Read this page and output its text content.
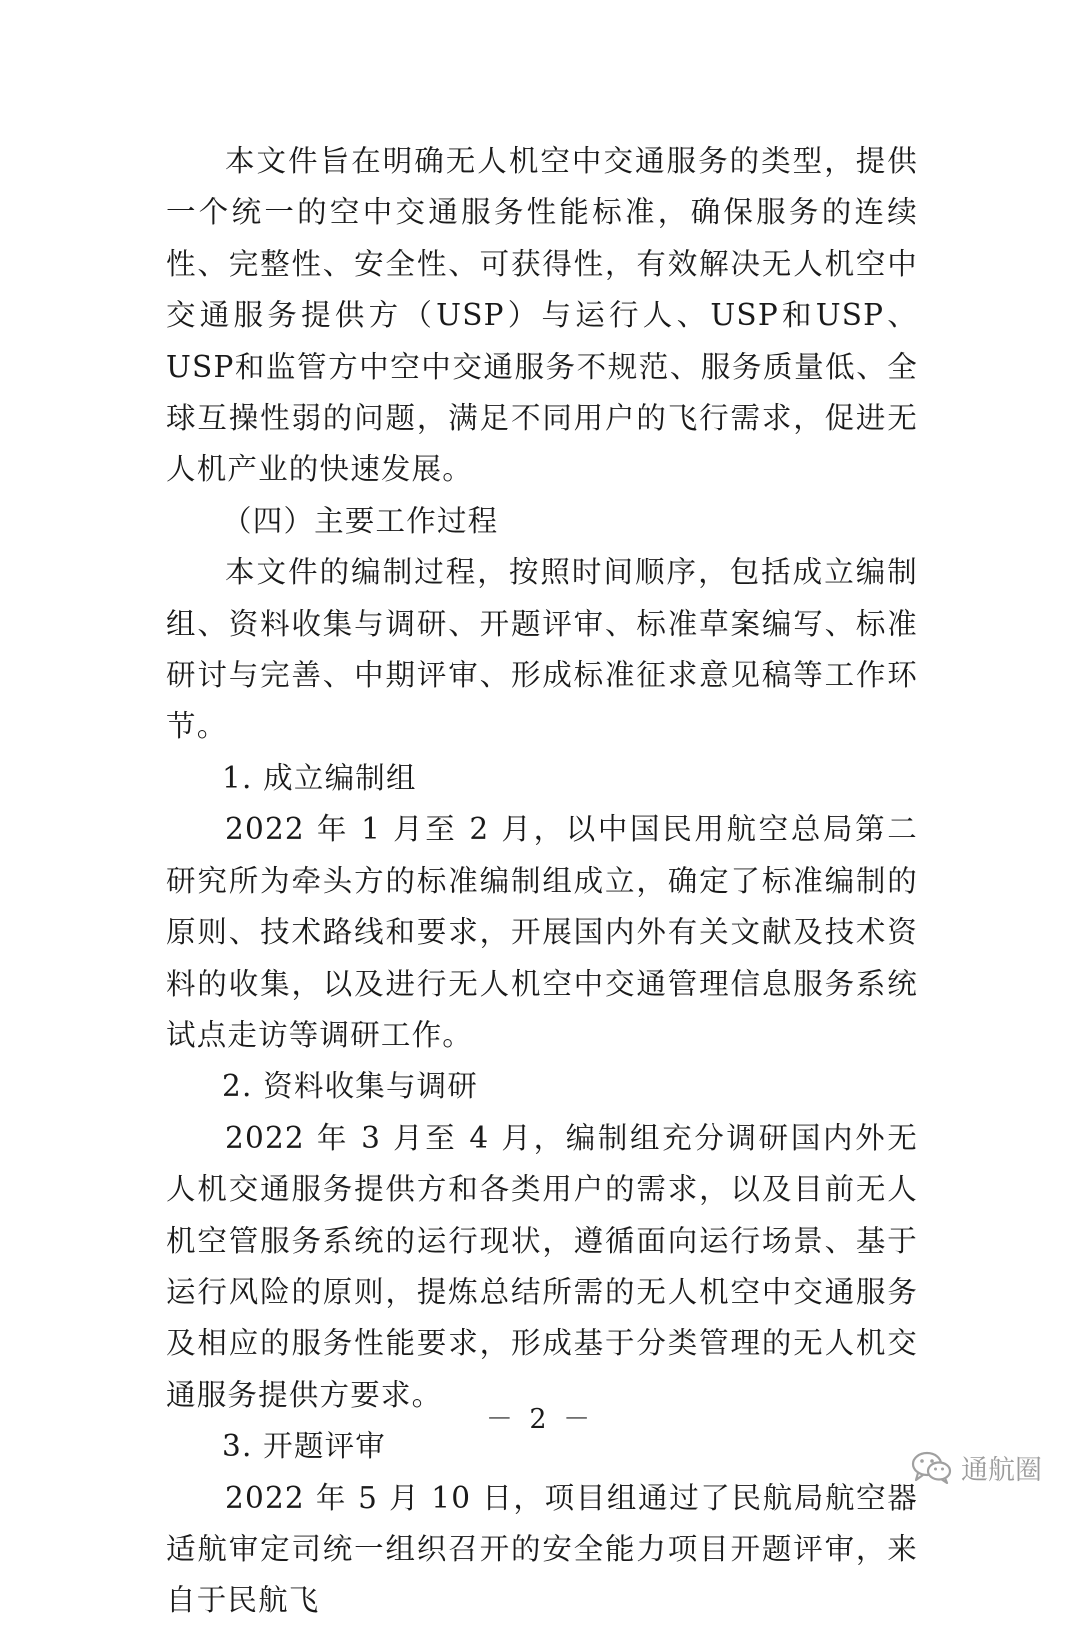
本文件旨在明确无人机空中交通服务的类型，提供一个统一的空中交通服务性能标准，确保服务的连续性、完整性、安全性、可获得性，有效解决无人机空中交通服务提供方（USP）与运行人、USP和USP、USP和监管方中空中交通服务不规范、服务质量低、全球互操性弱的问题，满足不同用户的飞行需求，促进无人机产业的快速发展。

（四）主要工作过程

本文件的编制过程，按照时间顺序，包括成立编制组、资料收集与调研、开题评审、标准草案编写、标准研讨与完善、中期评审、形成标准征求意见稿等工作环节。

1. 成立编制组

2022 年 1 月至 2 月，以中国民用航空总局第二研究所为牵头方的标准编制组成立，确定了标准编制的原则、技术路线和要求，开展国内外有关文献及技术资料的收集，以及进行无人机空中交通管理信息服务系统试点走访等调研工作。

2. 资料收集与调研

2022 年 3 月至 4 月，编制组充分调研国内外无人机交通服务提供方和各类用户的需求，以及目前无人机空管服务系统的运行现状，遵循面向运行场景、基于运行风险的原则，提炼总结所需的无人机空中交通服务及相应的服务性能要求，形成基于分类管理的无人机交通服务提供方要求。

3. 开题评审

2022 年 5 月 10 日，项目组通过了民航局航空器适航审定司统一组织召开的安全能力项目开题评审，来自于民航飞

－ 2 －
通航圈
